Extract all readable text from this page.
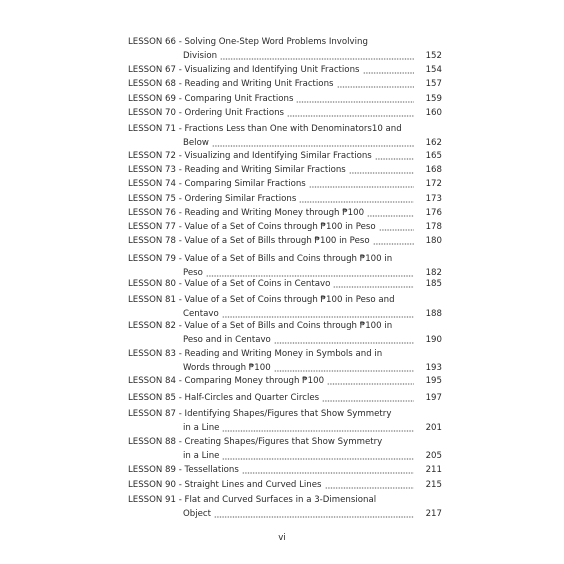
LESSON 66 - Solving One-Step Word Problems Involving
Division	152
LESSON 67 - Visualizing and Identifying Unit Fractions	154
LESSON 68 - Reading and Writing Unit Fractions	157
LESSON 69 - Comparing Unit Fractions	159
LESSON 70 - Ordering Unit Fractions	160
LESSON 71 - Fractions Less than One with Denominators10 and
Below	162
LESSON 72 - Visualizing and Identifying Similar Fractions	165
LESSON 73 - Reading and Writing Similar Fractions	168
LESSON 74 - Comparing Similar Fractions	172
LESSON 75 - Ordering Similar Fractions	173
LESSON 76 - Reading and Writing Money through ₱100	176
LESSON 77 - Value of a Set of Coins through ₱100 in Peso	178
LESSON 78 - Value of a Set of Bills through ₱100 in Peso	180
LESSON 79 - Value of a Set of Bills and Coins through ₱100 in
Peso	182
LESSON 80 - Value of a Set of Coins in Centavo	185
LESSON 81 - Value of a Set of Coins through ₱100 in Peso and
Centavo	188
LESSON 82 - Value of a Set of Bills and Coins through ₱100 in
Peso and in Centavo	190
LESSON 83 - Reading and Writing Money in Symbols and in
Words through ₱100	193
LESSON 84 - Comparing Money through ₱100	195
LESSON 85 - Half-Circles and Quarter Circles	197
LESSON 87 - Identifying Shapes/Figures that Show Symmetry
in a Line	201
LESSON 88 - Creating Shapes/Figures that Show Symmetry
in a Line	205
LESSON 89 - Tessellations	211
LESSON 90 - Straight Lines and Curved Lines	215
LESSON 91 - Flat and Curved Surfaces in a 3-Dimensional
Object	217
vi
